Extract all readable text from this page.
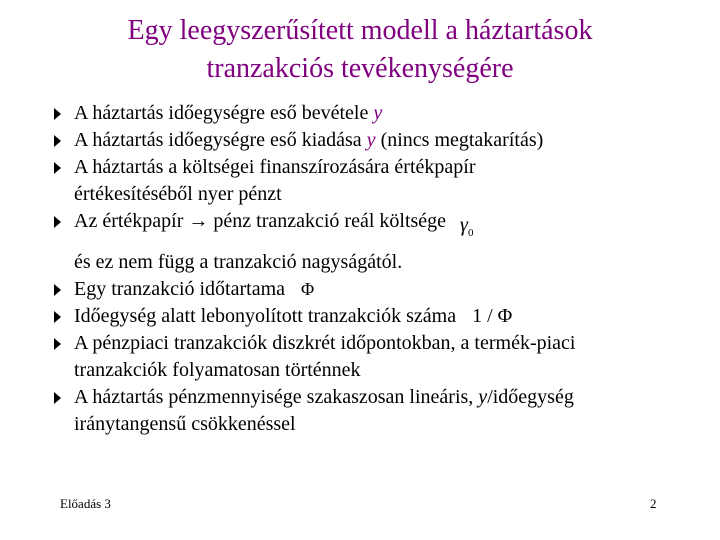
Egy leegyszerűsített modell a háztartások
tranzakciós tevékenységére
A háztartás időegységre eső bevétele y
A háztartás időegységre eső kiadása y (nincs megtakarítás)
A háztartás a költségei finanszírozására értékpapír
értékesítéséből nyer pénzt
Az értékpapír → pénz tranzakció reál költsége $\gamma_0$
és ez nem függ a tranzakció nagyságától.
Egy tranzakció időtartama Φ
Időegység alatt lebonyolított tranzakciók száma 1 / Φ
A pénzpiaci tranzakciók diszkrét időpontokban, a termék-piaci
tranzakciók folyamatosan történnek
A háztartás pénzmennyisége szakaszosan lineáris, y/időegység
iránytangensű csökkenéssel
Előadás 3	2
